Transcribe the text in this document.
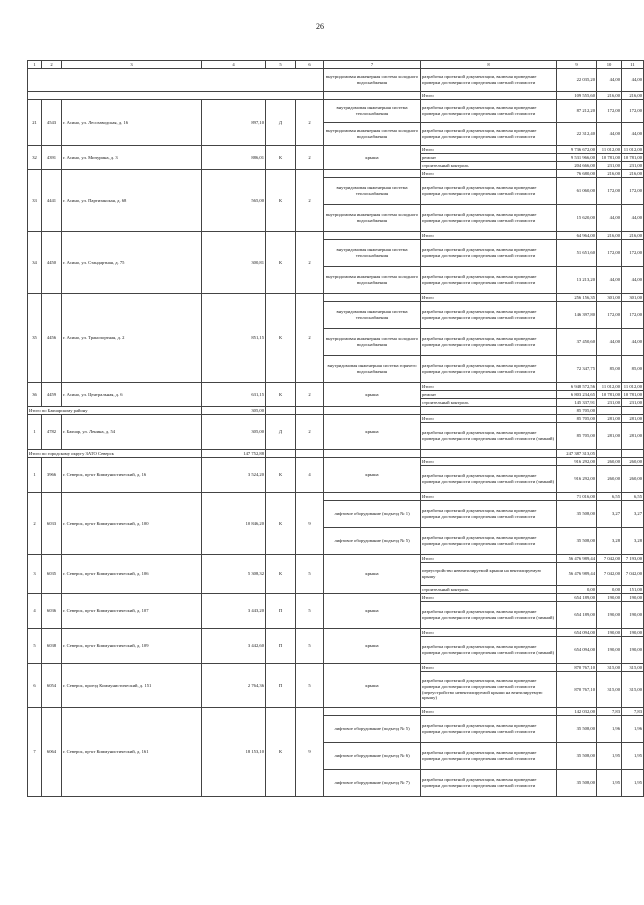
26
1	2	3	4	5	6	7	8	9	10	11
						внутридомовая инженерная система холодного водоснабжения	разработка проектной документации, включая проведение проверки достоверности определения сметной стоимости	22 035,20	44,00	44,00
							Итого	109 555,60	216,00	216,00
21	4543	г. Асино, ул. Лесозаводская, д. 16	897,10	Д	2	внутридомовая инженерная система теплоснабжения	разработка проектной документации, включая проведение проверки достоверности определения сметной стоимости	87 212,20	172,00	172,00
						внутридомовая инженерная система холодного водоснабжения	разработка проектной документации, включая проведение проверки достоверности определения сметной стоимости	22 312,40	44,00	44,00
32	4391	г. Асино, ул. Мичурина, д. 3	886,01	К	2	крыша	Итого	9 736 672,00	11 012,00	11 012,00
							ремонт	9 531 966,00	10 781,00	10 781,00
							строительный контроль	204 666,00	231,00	231,00
33	4441	г. Асино, ул. Партизанская, д. 68	565,00	К	2		Итого	76 680,00	216,00	216,00
						внутридомовая инженерная система теплоснабжения	разработка проектной документации, включая проведение проверки достоверности определения сметной стоимости	61 060,00	172,00	172,00
						внутридомовая инженерная система холодного водоснабжения	разработка проектной документации, включая проведение проверки достоверности определения сметной стоимости	15 620,00	44,00	44,00
34	4450	г. Асино, ул. Стандартная, д. 75	300,81	К	2		Итого	64 964,00	216,00	216,00
						внутридомовая инженерная система теплоснабжения	разработка проектной документации, включая проведение проверки достоверности определения сметной стоимости	51 651,60	172,00	172,00
						внутридомовая инженерная система холодного водоснабжения	разработка проектной документации, включая проведение проверки достоверности определения сметной стоимости	13 213,20	44,00	44,00
35	4456	г. Асино, ул. Транспортная, д. 2	851,15	К	2		Итого	256 156,35	301,00	301,00
						внутридомовая инженерная система теплоснабжения	разработка проектной документации, включая проведение проверки достоверности определения сметной стоимости	146 397,80	172,00	172,00
						внутридомовая инженерная система холодного водоснабжения	разработка проектной документации, включая проведение проверки достоверности определения сметной стоимости	37 450,60	44,00	44,00
						внутридомовая инженерная система горячего водоснабжения	разработка проектной документации, включая проведение проверки достоверности определения сметной стоимости	72 347,75	85,00	85,00
36	4459	г. Асино, ул. Центральная, д. 6	631,15	К	2	крыша	Итого	6 948 572,56	11 012,00	11 012,00
							ремонт	6 803 234,65	10 781,00	10 781,00
							строительный контроль	145 337,91	231,00	231,00
Итого по Бакчарскому району			305,00					85 705,00		
1	4782	г. Бакчар, ул. Ленина, д. 54	305,00	Д	2	крыша	Итого	85 705,00	281,00	281,00
							разработка проектной документации, включая проведение проверки достоверности определения сметной стоимости (зимний)	85 705,00	281,00	281,00
Итого по городскому округу ЗАТО Северск			147 752,88					247 387 313,05		
1	3966	г. Северск, пр-кт Коммунистический, д. 16	3 524,20	К	4	крыша	Итого	916 292,00	260,00	260,00
							разработка проектной документации, включая проведение проверки достоверности определения сметной стоимости (зимний)	916 292,00	260,00	260,00
2	6033	г. Северск, пр-кт Коммунистический, д. 100	10 846,20	К	9		Итого	71 016,00	6,55	6,55
						лифтовое оборудование (подъезд № 1)	разработка проектной документации, включая проведение проверки достоверности определения сметной стоимости	35 508,00	3,27	3,27
						лифтовое оборудование (подъезд № 5)	разработка проектной документации, включая проведение проверки достоверности определения сметной стоимости	35 508,00	3,28	3,28
3	6035	г. Северск, пр-кт Коммунистический, д. 106	5 308,32	К	5	крыша	Итого	56 476 989,44	7 042,00	7 193,00
							переустройство невентилируемой крыши на вентилируемую крышу	56 476 989,44	7 042,00	7 042,00
							строительный контроль	0,00	0,00	151,00
4	6036	г. Северск, пр-кт Коммунистический, д. 107	3 443,20	П	5	крыша	Итого	654 189,00	190,00	190,00
							разработка проектной документации, включая проведение проверки достоверности определения сметной стоимости (зимний)	654 189,00	190,00	190,00
5	6038	г. Северск, пр-кт Коммунистический, д. 109	3 442,60	П	5	крыша	Итого	654 094,00	190,00	190,00
							разработка проектной документации, включая проведение проверки достоверности определения сметной стоимости (зимний)	654 094,00	190,00	190,00
6	6054	г. Северск, проезд Коммунистический, д. 151	2 764,36	П	5	крыша	Итого	870 767,10	315,00	315,00
							разработка проектной документации, включая проведение проверки достоверности определения сметной стоимости (переустройство невентилируемой крыши на вентилируемую крышу)	870 767,10	315,00	315,00
7	6064	г. Северск, пр-кт Коммунистический, д. 161	18 153,10	К	9		Итого	142 032,00	7,83	7,83
						лифтовое оборудование (подъезд № 5)	разработка проектной документации, включая проведение проверки достоверности определения сметной стоимости	35 508,00	1,96	1,96
						лифтовое оборудование (подъезд № 6)	разработка проектной документации, включая проведение проверки достоверности определения сметной стоимости	35 508,00	1,95	1,95
						лифтовое оборудование (подъезд № 7)	разработка проектной документации, включая проведение проверки достоверности определения сметной стоимости	35 508,00	1,95	1,95
